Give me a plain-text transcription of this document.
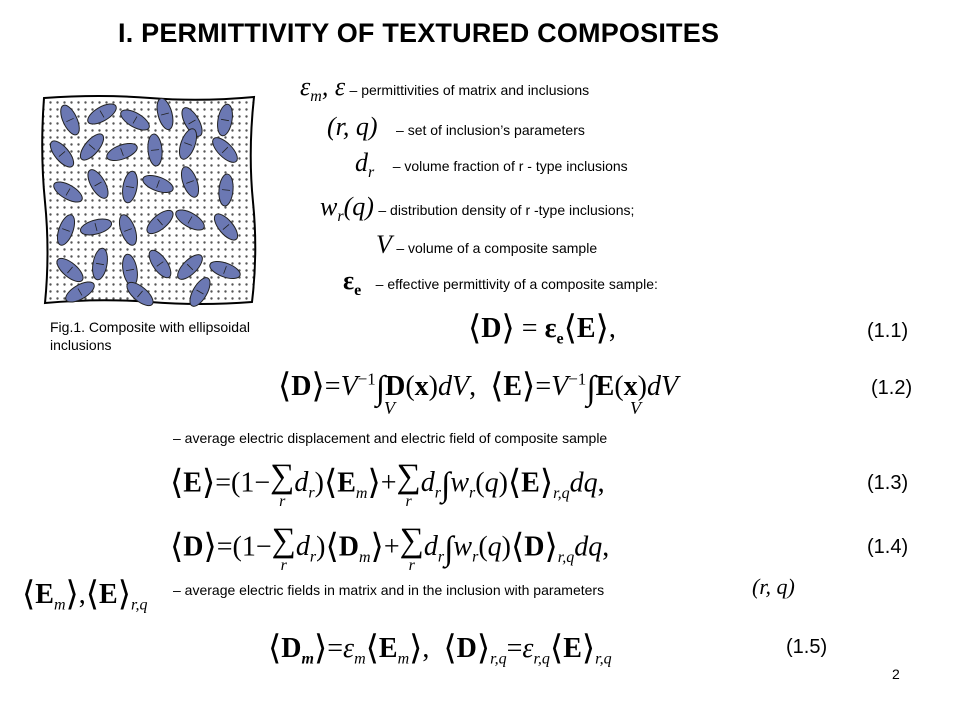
I. PERMITTIVITY OF TEXTURED COMPOSITES
Fig.1. Composite with ellipsoidal inclusions
$\varepsilon_m$, ε – permittivities of matrix and inclusions
(r, q) – set of inclusion’s parameters
$d_r$ – volume fraction of r - type inclusions
$w_r(q)$ – distribution density of r -type inclusions;
V – volume of a composite sample
$\varepsilon_e$ – effective permittivity of a composite sample:
⟨D⟩ = $\varepsilon_e⟨E⟩$,	(1.1)
$⟨D⟩=V^{-1}\int D(x)dV$,  $⟨E⟩=V^{-1}\int E(x)dV$
V	V
(1.2)
– average electric displacement and electric field of composite sample
⟨E⟩=(1− ∑
r
$d_r)⟨E_m⟩+$ ∑
r
$d_r\int w_r(q)⟨E⟩_{r,q}dq$,	(1.3)
⟨D⟩=(1− ∑
r
$d_r)⟨D_m⟩+$ ∑
r
$d_r\int w_r(q)⟨D⟩_{r,q}dq$,	(1.4)
$⟨E_m⟩,⟨E⟩_{r,q}$
– average electric fields in matrix and in the inclusion with parameters	(r, q)
$⟨D_m⟩=\varepsilon_m⟨E_m⟩$,  $⟨D⟩_{r,q}=\varepsilon_{r,q}⟨E⟩_{r,q}$
(1.5)
2
